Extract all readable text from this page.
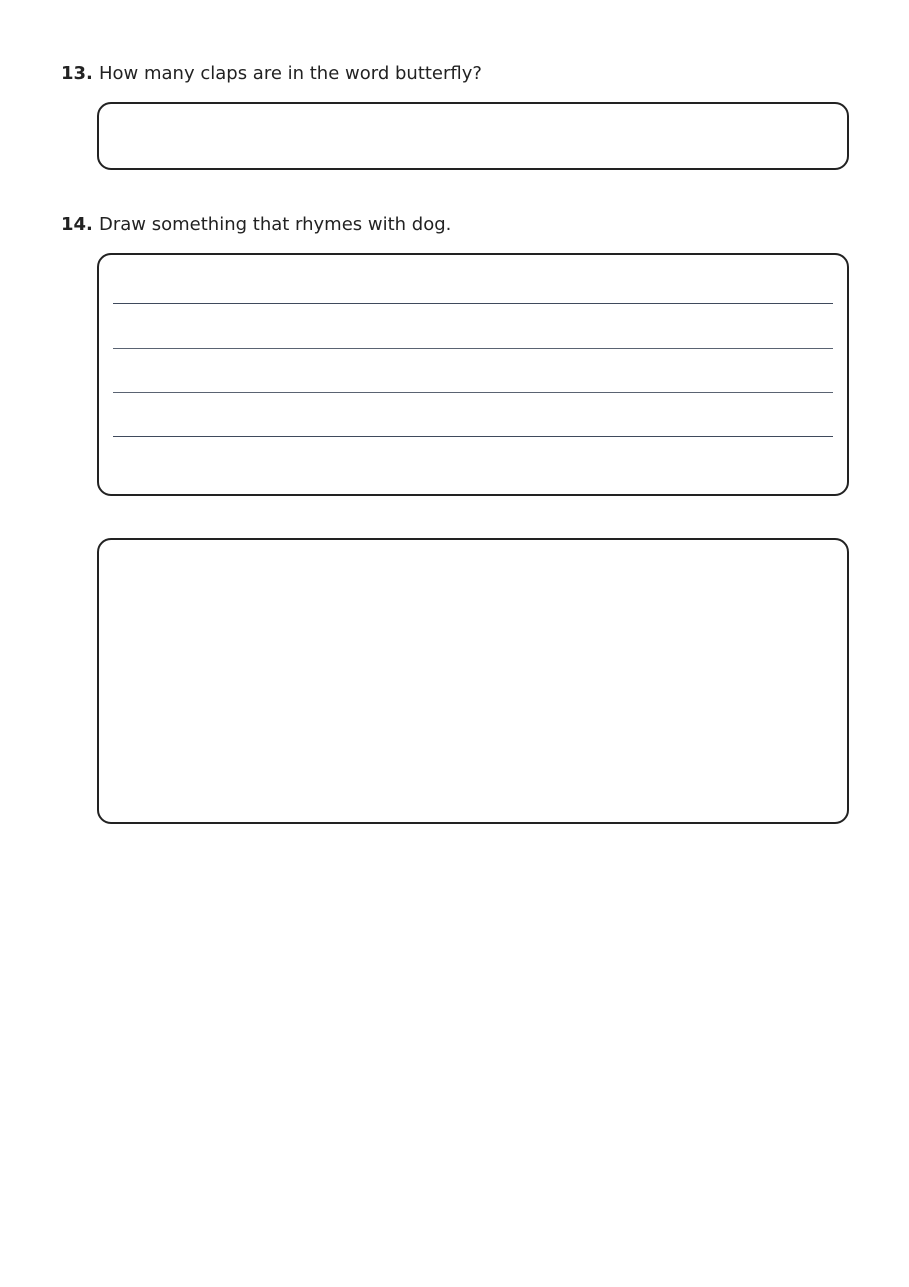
13. How many claps are in the word butterfly?
14. Draw something that rhymes with dog.
